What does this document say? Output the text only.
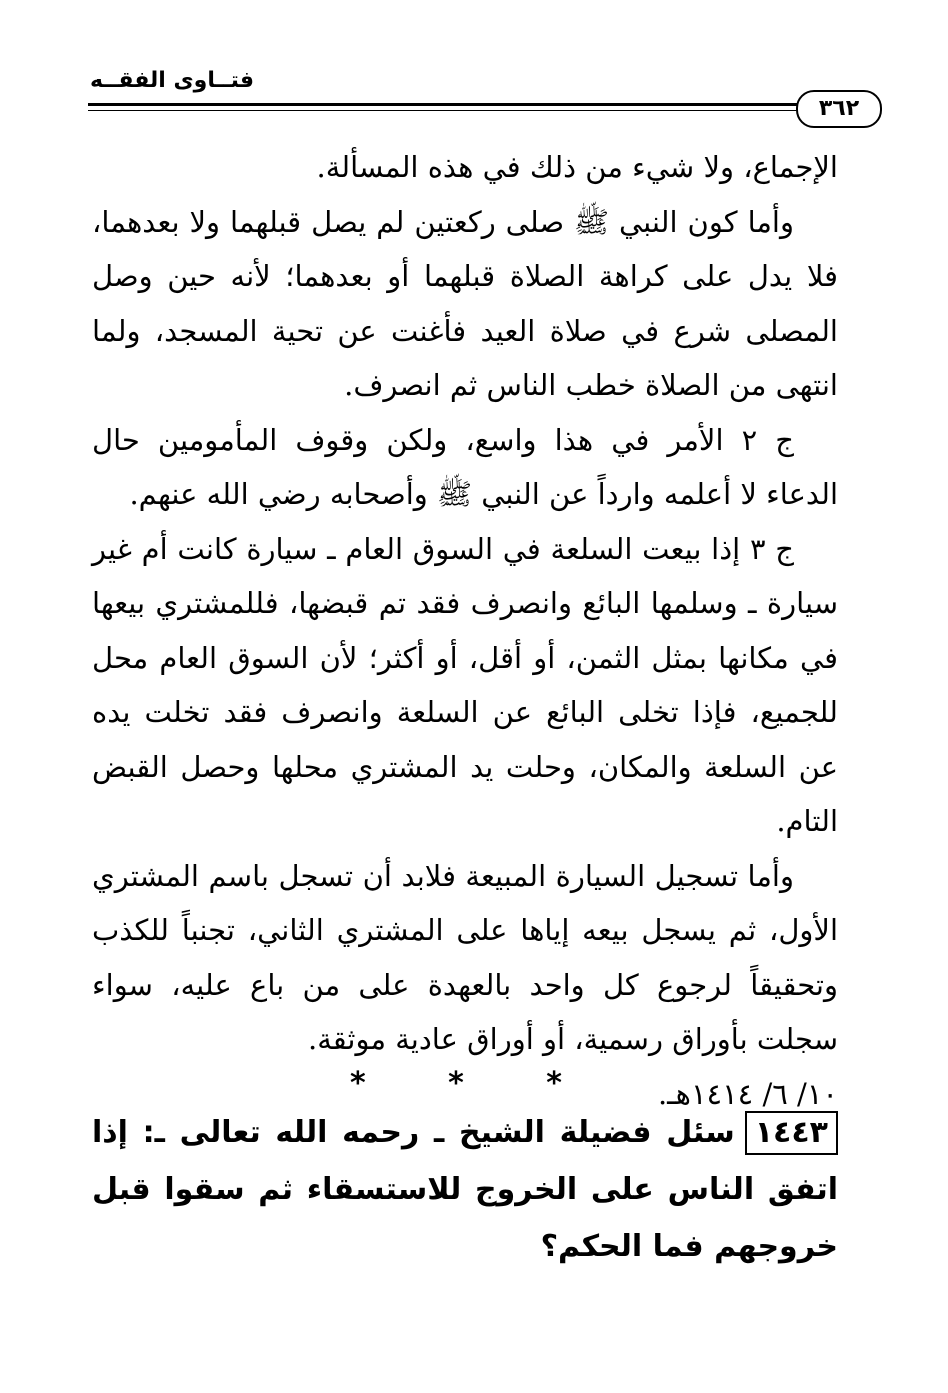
فتــاوى الفقــه
٣٦٢

الإجماع، ولا شيء من ذلك في هذه المسألة.

وأما كون النبي ﷺ صلى ركعتين لم يصل قبلهما ولا بعدهما، فلا يدل على كراهة الصلاة قبلهما أو بعدهما؛ لأنه حين وصل المصلى شرع في صلاة العيد فأغنت عن تحية المسجد، ولما انتهى من الصلاة خطب الناس ثم انصرف.

ج ٢ الأمر في هذا واسع، ولكن وقوف المأمومين حال الدعاء لا أعلمه وارداً عن النبي ﷺ وأصحابه رضي الله عنهم.

ج ٣ إذا بيعت السلعة في السوق العام ـ سيارة كانت أم غير سيارة ـ وسلمها البائع وانصرف فقد تم قبضها، فللمشتري بيعها في مكانها بمثل الثمن، أو أقل، أو أكثر؛ لأن السوق العام محل للجميع، فإذا تخلى البائع عن السلعة وانصرف فقد تخلت يده عن السلعة والمكان، وحلت يد المشتري محلها وحصل القبض التام.

وأما تسجيل السيارة المبيعة فلابد أن تسجل باسم المشتري الأول، ثم يسجل بيعه إياها على المشتري الثاني، تجنباً للكذب وتحقيقاً لرجوع كل واحد بالعهدة على من باع عليه، سواء سجلت بأوراق رسمية، أو أوراق عادية موثقة.

١٠/ ٦/ ١٤١٤هـ.

* * *

١٤٤٣سئل فضيلة الشيخ ـ رحمه الله تعالى ـ: إذا اتفق الناس على الخروج للاستسقاء ثم سقوا قبل خروجهم فما الحكم؟
